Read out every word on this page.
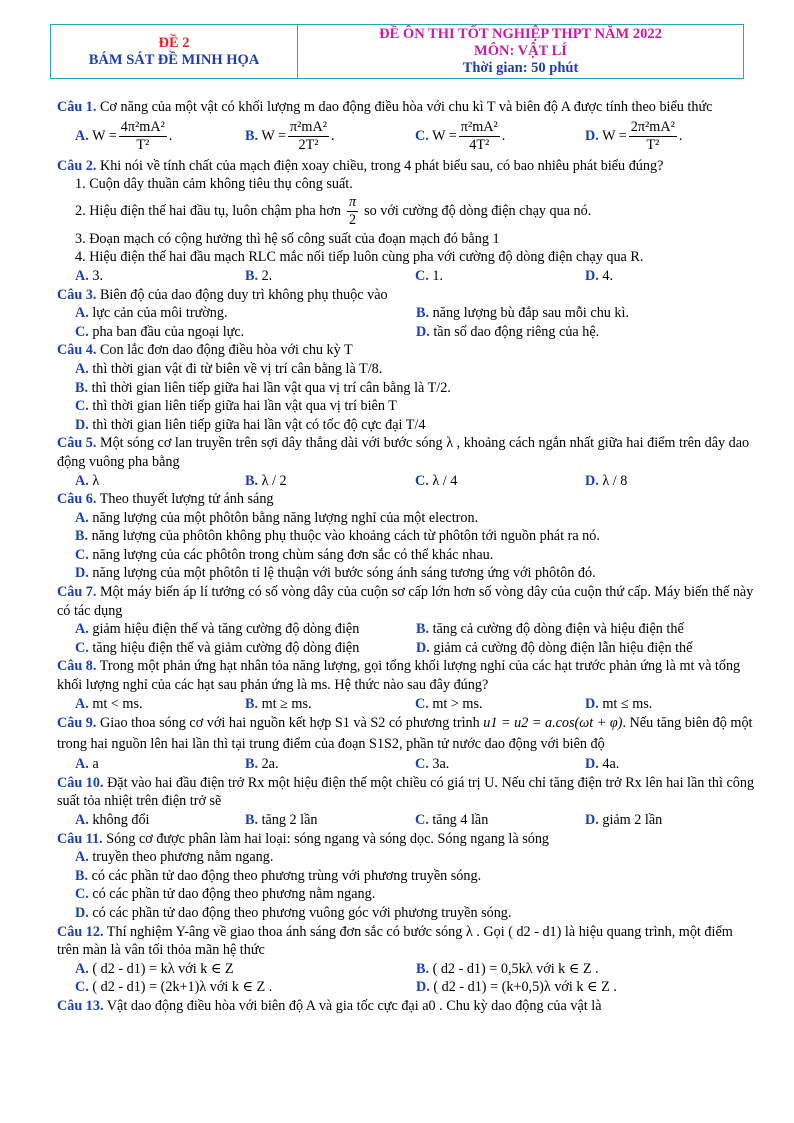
ĐỀ 2
BÁM SÁT ĐỀ MINH HỌA
ĐỀ ÔN THI TỐT NGHIỆP THPT NĂM 2022
MÔN: VẬT LÍ
Thời gian: 50 phút

Câu 1. Cơ năng của một vật có khối lượng m dao động điều hòa với chu kì T và biên độ A được tính theo biểu thức

A. $W = \frac{\text{4π²mA²}}{\text{T²}}$ .	B. $W = \frac{\text{π²mA²}}{\text{2T²}}$ .	C. $W = \frac{\text{π²mA²}}{\text{4T²}}$ .	D. $W = \frac{\text{2π²mA²}}{\text{T²}}$ .

Câu 2. Khi nói về tính chất của mạch điện xoay chiều, trong 4 phát biểu sau, có bao nhiêu phát biểu đúng?

1. Cuộn dây thuần cảm không tiêu thụ công suất.
2. Hiệu điện thế hai đầu tụ, luôn chậm pha hơn $\frac{\pi}{2}$ so với cường độ dòng điện chạy qua nó.
3. Đoạn mạch có cộng hưởng thì hệ số công suất của đoạn mạch đó bằng 1
4. Hiệu điện thế hai đầu mạch RLC mắc nối tiếp luôn cùng pha với cường độ dòng điện chạy qua R.
A. 3.	B. 2.	C. 1.	D. 4.

Câu 3. Biên độ của dao động duy trì không phụ thuộc vào

A. lực cản của môi trường.	B. năng lượng bù đắp sau mỗi chu kì.
C. pha ban đầu của ngoại lực.	D. tần số dao động riêng của hệ.

Câu 4. Con lắc đơn dao động điều hòa với chu kỳ T

A. thì thời gian vật đi từ biên về vị trí cân bằng là T/8.
B. thì thời gian liên tiếp giữa hai lần vật qua vị trí cân bằng là T/2.
C. thì thời gian liên tiếp giữa hai lần vật qua vị trí biên T
D. thì thời gian liên tiếp giữa hai lần vật có tốc độ cực đại T/4

Câu 5. Một sóng cơ lan truyền trên sợi dây thẳng dài với bước sóng λ , khoảng cách ngắn nhất giữa hai điểm trên dây dao động vuông pha bằng

A. λ	B. λ / 2	C. λ / 4	D. λ / 8

Câu 6. Theo thuyết lượng tử ánh sáng

A. năng lượng của một phôtôn bằng năng lượng nghỉ của một electron.
B. năng lượng của phôtôn không phụ thuộc vào khoảng cách từ phôtôn tới nguồn phát ra nó.
C. năng lượng của các phôtôn trong chùm sáng đơn sắc có thể khác nhau.
D. năng lượng của một phôtôn tỉ lệ thuận với bước sóng ánh sáng tương ứng với phôtôn đó.

Câu 7. Một máy biến áp lí tưởng có số vòng dây của cuộn sơ cấp lớn hơn số vòng dây của cuộn thứ cấp. Máy biến thế này có tác dụng

A. giảm hiệu điện thế và tăng cường độ dòng điện	B. tăng cả cường độ dòng điện và hiệu điện thế
C. tăng hiệu điện thế và giảm cường độ dòng điện	D. giảm cả cường độ dòng điện lẫn hiệu điện thế

Câu 8. Trong một phản ứng hạt nhân tỏa năng lượng, gọi tổng khối lượng nghỉ của các hạt trước phản ứng là mt và tổng khối lượng nghỉ của các hạt sau phản ứng là ms. Hệ thức nào sau đây đúng?

A. mt < ms.	B. mt ≥ ms.	C. mt > ms.	D. mt ≤ ms.

Câu 9. Giao thoa sóng cơ với hai nguồn kết hợp S1 và S2 có phương trình u1 = u2 = a.cos(ωt + φ). Nếu tăng biên độ một trong hai nguồn lên hai lần thì tại trung điểm của đoạn S1S2, phần tử nước dao động với biên độ

A. a	B. 2a.	C. 3a.	D. 4a.

Câu 10. Đặt vào hai đầu điện trở Rx một hiệu điện thế một chiều có giá trị U. Nếu chỉ tăng điện trở Rx lên hai lần thì công suất tỏa nhiệt trên điện trở sẽ

A. không đổi	B. tăng 2 lần	C. tăng 4 lần	D. giảm 2 lần

Câu 11. Sóng cơ được phân làm hai loại: sóng ngang và sóng dọc. Sóng ngang là sóng

A. truyền theo phương nằm ngang.
B. có các phần tử dao động theo phương trùng với phương truyền sóng.
C. có các phần tử dao động theo phương nằm ngang.
D. có các phần tử dao động theo phương vuông góc với phương truyền sóng.

Câu 12. Thí nghiệm Y-âng về giao thoa ánh sáng đơn sắc có bước sóng λ . Gọi ( d2 - d1) là hiệu quang trình, một điểm trên màn là vân tối thỏa mãn hệ thức

A. ( d2 - d1) = kλ với k ∈ Z	B. ( d2 - d1) = 0,5kλ với k ∈ Z .
C. ( d2 - d1) = (2k+1)λ với k ∈ Z .	D. ( d2 - d1) = (k+0,5)λ với k ∈ Z .

Câu 13. Vật dao động điều hòa với biên độ A và gia tốc cực đại a0 . Chu kỳ dao động của vật là
